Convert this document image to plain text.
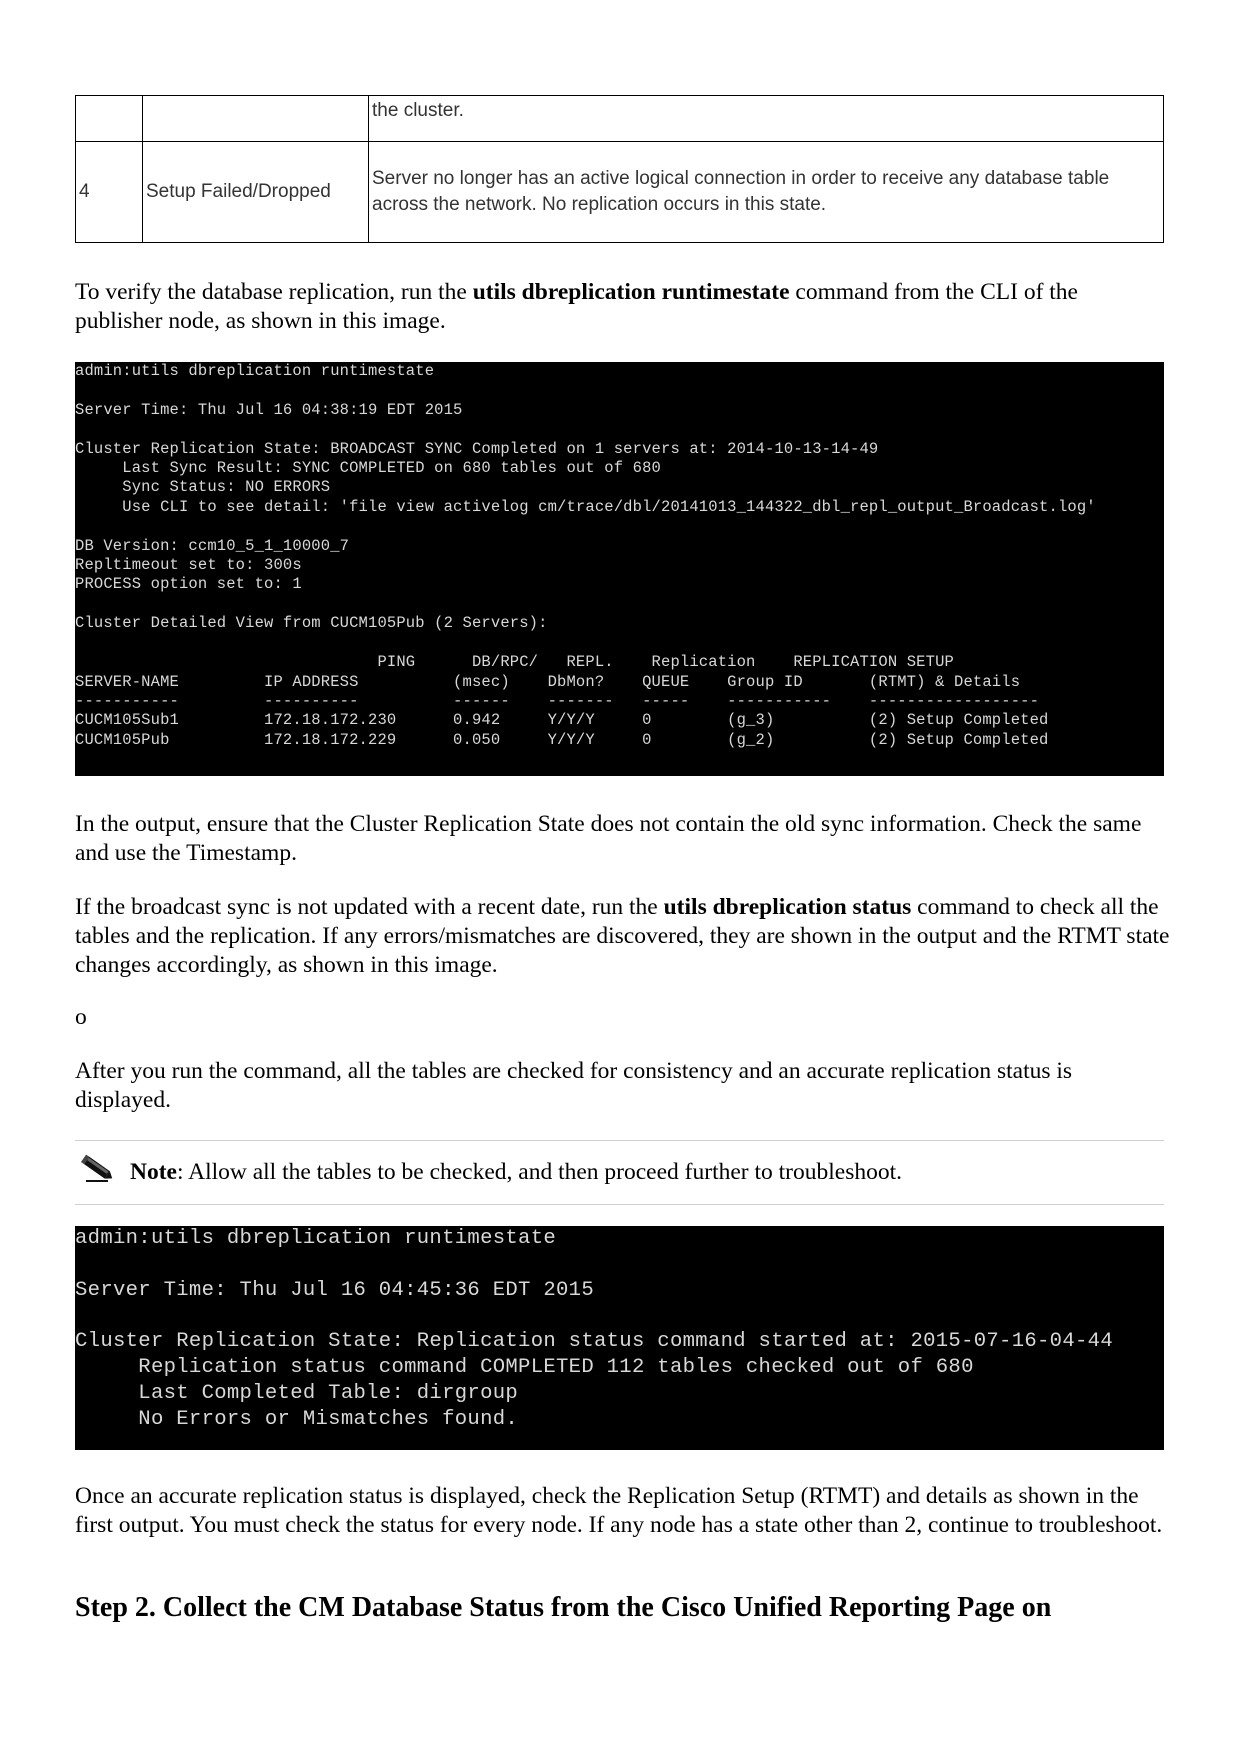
		the cluster.
4	Setup Failed/Dropped	Server no longer has an active logical connection in order to receive any database table across the network. No replication occurs in this state.

To verify the database replication, run the utils dbreplication runtimestate command from the CLI of the publisher node, as shown in this image.

admin:utils dbreplication runtimestate

Server Time: Thu Jul 16 04:38:19 EDT 2015

Cluster Replication State: BROADCAST SYNC Completed on 1 servers at: 2014-10-13-14-49
Last Sync Result: SYNC COMPLETED on 680 tables out of 680
Sync Status: NO ERRORS
Use CLI to see detail: 'file view activelog cm/trace/dbl/20141013_144322_dbl_repl_output_Broadcast.log'

DB Version: ccm10_5_1_10000_7
Repltimeout set to: 300s
PROCESS option set to: 1

Cluster Detailed View from CUCM105Pub (2 Servers):

PING      DB/RPC/   REPL.    Replication    REPLICATION SETUP
SERVER-NAME         IP ADDRESS          (msec)    DbMon?    QUEUE    Group ID       (RTMT) & Details
-----------         ----------          ------    -------   -----    -----------    ------------------
CUCM105Sub1         172.18.172.230      0.942     Y/Y/Y     0        (g_3)          (2) Setup Completed
CUCM105Pub          172.18.172.229      0.050     Y/Y/Y     0        (g_2)          (2) Setup Completed

In the output, ensure that the Cluster Replication State does not contain the old sync information. Check the same and use the Timestamp.

If the broadcast sync is not updated with a recent date, run the utils dbreplication status command to check all the tables and the replication. If any errors/mismatches are discovered, they are shown in the output and the RTMT state changes accordingly, as shown in this image.

o

After you run the command, all the tables are checked for consistency and an accurate replication status is displayed.

Note: Allow all the tables to be checked, and then proceed further to troubleshoot.

admin:utils dbreplication runtimestate

Server Time: Thu Jul 16 04:45:36 EDT 2015

Cluster Replication State: Replication status command started at: 2015-07-16-04-44
Replication status command COMPLETED 112 tables checked out of 680
Last Completed Table: dirgroup
No Errors or Mismatches found.

Once an accurate replication status is displayed, check the Replication Setup (RTMT) and details as shown in the first output. You must check the status for every node. If any node has a state other than 2, continue to troubleshoot.

Step 2. Collect the CM Database Status from the Cisco Unified Reporting Page on
